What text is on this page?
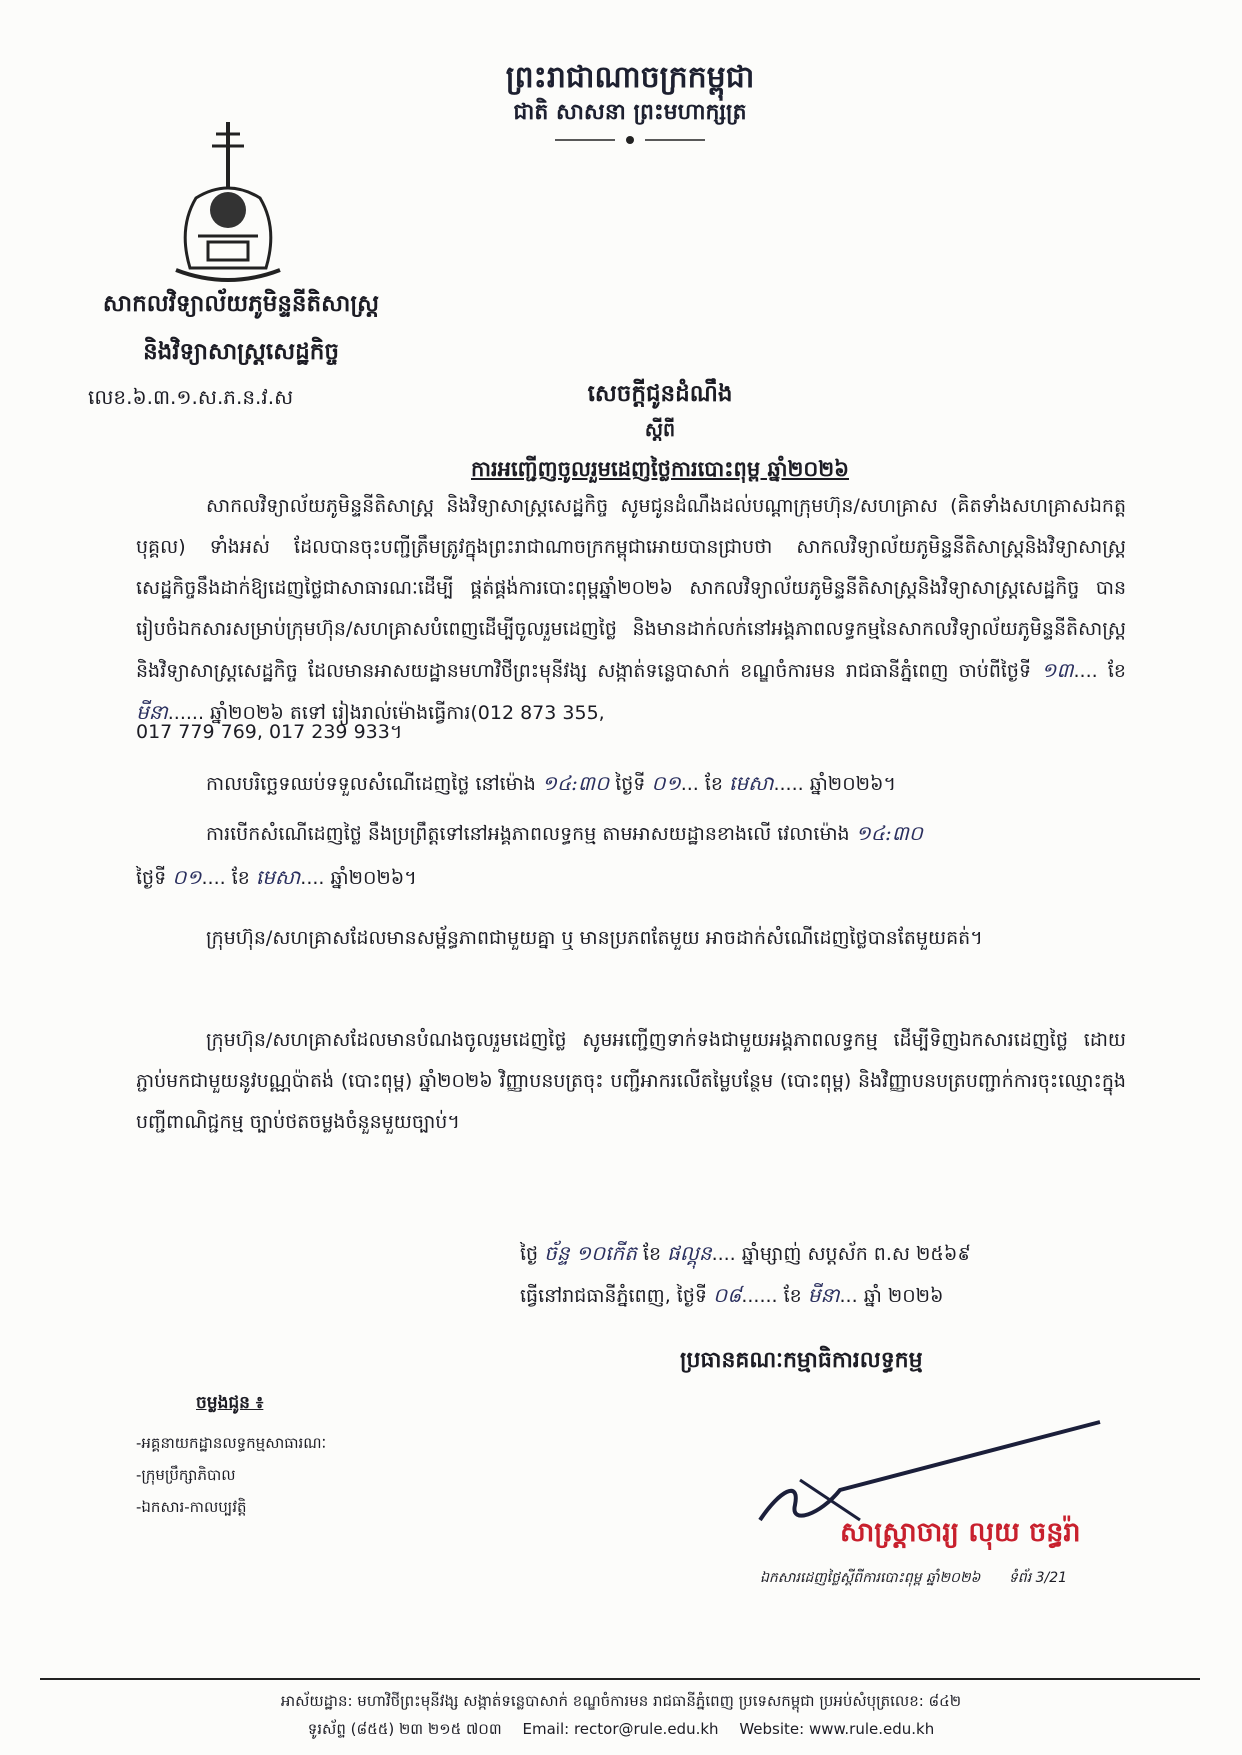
ព្រះរាជាណាចក្រកម្ពុជា
ជាតិ សាសនា ព្រះមហាក្សត្រ
សាកលវិទ្យាល័យភូមិន្ទនីតិសាស្ត្រ
និងវិទ្យាសាស្ត្រសេដ្ឋកិច្ច
លេខ.៦.៣.១.ស.ភ.ន.វ.ស	សេចក្តីជូនដំណឹង
ស្តីពី
ការអញ្ជើញចូលរួមដេញថ្លៃការបោះពុម្ព ឆ្នាំ២០២៦
សាកលវិទ្យាល័យភូមិន្ទនីតិសាស្ត្រ និងវិទ្យាសាស្ត្រសេដ្ឋកិច្ច សូមជូនដំណឹងដល់បណ្តាក្រុមហ៊ុន/សហគ្រាស (គិតទាំងសហគ្រាសឯកត្តបុគ្គល) ទាំងអស់ ដែលបានចុះបញ្ជីត្រឹមត្រូវក្នុងព្រះរាជាណាចក្រកម្ពុជាអោយបានជ្រាបថា សាកលវិទ្យាល័យភូមិន្ទនីតិសាស្ត្រនិងវិទ្យាសាស្ត្រសេដ្ឋកិច្ចនឹងដាក់ឱ្យដេញថ្លៃជាសាធារណៈដើម្បី ផ្គត់ផ្គង់ការបោះពុម្ពឆ្នាំ២០២៦ សាកលវិទ្យាល័យភូមិន្ទនីតិសាស្ត្រនិងវិទ្យាសាស្ត្រសេដ្ឋកិច្ច បានរៀបចំឯកសារសម្រាប់ក្រុមហ៊ុន/សហគ្រាសបំពេញដើម្បីចូលរួមដេញថ្លៃ និងមានដាក់លក់នៅអង្គភាពលទ្ធកម្មនៃសាកលវិទ្យាល័យភូមិន្ទនីតិសាស្ត្រ និងវិទ្យាសាស្ត្រសេដ្ឋកិច្ច ដែលមានអាសយដ្ឋានមហាវិថីព្រះមុនីវង្ស សង្កាត់ទន្លេបាសាក់ ខណ្ឌចំការមន រាជធានីភ្នំពេញ ចាប់ពីថ្ងៃទី ១៣.... ខែ មីនា...... ឆ្នាំ២០២៦ តទៅ រៀងរាល់ម៉ោងធ្វើការ(012 873 355,
017 779 769, 017 239 933។
កាលបរិច្ឆេទឈប់ទទួលសំណើដេញថ្លៃ នៅម៉ោង ១៤:៣០ ថ្ងៃទី ០១... ខែ មេសា..... ឆ្នាំ២០២៦។
ការបើកសំណើដេញថ្លៃ នឹងប្រព្រឹត្តទៅនៅអង្គភាពលទ្ធកម្ម តាមអាសយដ្ឋានខាងលើ វេលាម៉ោង ១៤:៣០
ថ្ងៃទី ០១.... ខែ មេសា.... ឆ្នាំ២០២៦។
ក្រុមហ៊ុន/សហគ្រាសដែលមានសម្ព័ន្ធភាពជាមួយគ្នា ឬ មានប្រភពតែមួយ អាចដាក់សំណើដេញថ្លៃបានតែមួយគត់។
ក្រុមហ៊ុន/សហគ្រាសដែលមានបំណងចូលរួមដេញថ្លៃ សូមអញ្ជើញទាក់ទងជាមួយអង្គភាពលទ្ធកម្ម ដើម្បីទិញឯកសារដេញថ្លៃ ដោយភ្ជាប់មកជាមួយនូវបណ្ណប៉ាតង់ (បោះពុម្ព) ឆ្នាំ២០២៦ វិញ្ញាបនបត្រចុះ បញ្ជីអាករលើតម្លៃបន្ថែម (បោះពុម្ព) និងវិញ្ញាបនបត្របញ្ជាក់ការចុះឈ្មោះក្នុងបញ្ជីពាណិជ្ជកម្ម ច្បាប់ថតចម្លងចំនួនមួយច្បាប់។
ថ្ងៃ ច័ន្ទ ១០កើត ខែ ផល្គុន.... ឆ្នាំម្សាញ់ សប្តស័ក ព.ស ២៥៦៩
ធ្វើនៅរាជធានីភ្នំពេញ, ថ្ងៃទី ០៨...... ខែ មីនា... ឆ្នាំ ២០២៦
ប្រធានគណៈកម្មាធិការលទ្ធកម្ម
ចម្លងជូន ៖
-អគ្គនាយកដ្ឋានលទ្ធកម្មសាធារណៈ
-ក្រុមប្រឹក្សាភិបាល
-ឯកសារ-កាលប្បវត្តិ
សាស្ត្រាចារ្យ លុយ ចន្ធរ៉ា
ឯកសារដេញថ្លៃស្តីពីការបោះពុម្ព ឆ្នាំ២០២៦ ទំព័រ 3/21
អាស័យដ្ឋាន: មហាវិថីព្រះមុនីវង្ស សង្កាត់ទន្លេបាសាក់ ខណ្ឌចំការមន រាជធានីភ្នំពេញ ប្រទេសកម្ពុជា ប្រអប់សំបុត្រលេខ: ៨៤២
ទូរស័ព្ទ (៨៥៥) ២៣ ២១៥ ៧០៣ Email: rector@rule.edu.kh Website: www.rule.edu.kh
